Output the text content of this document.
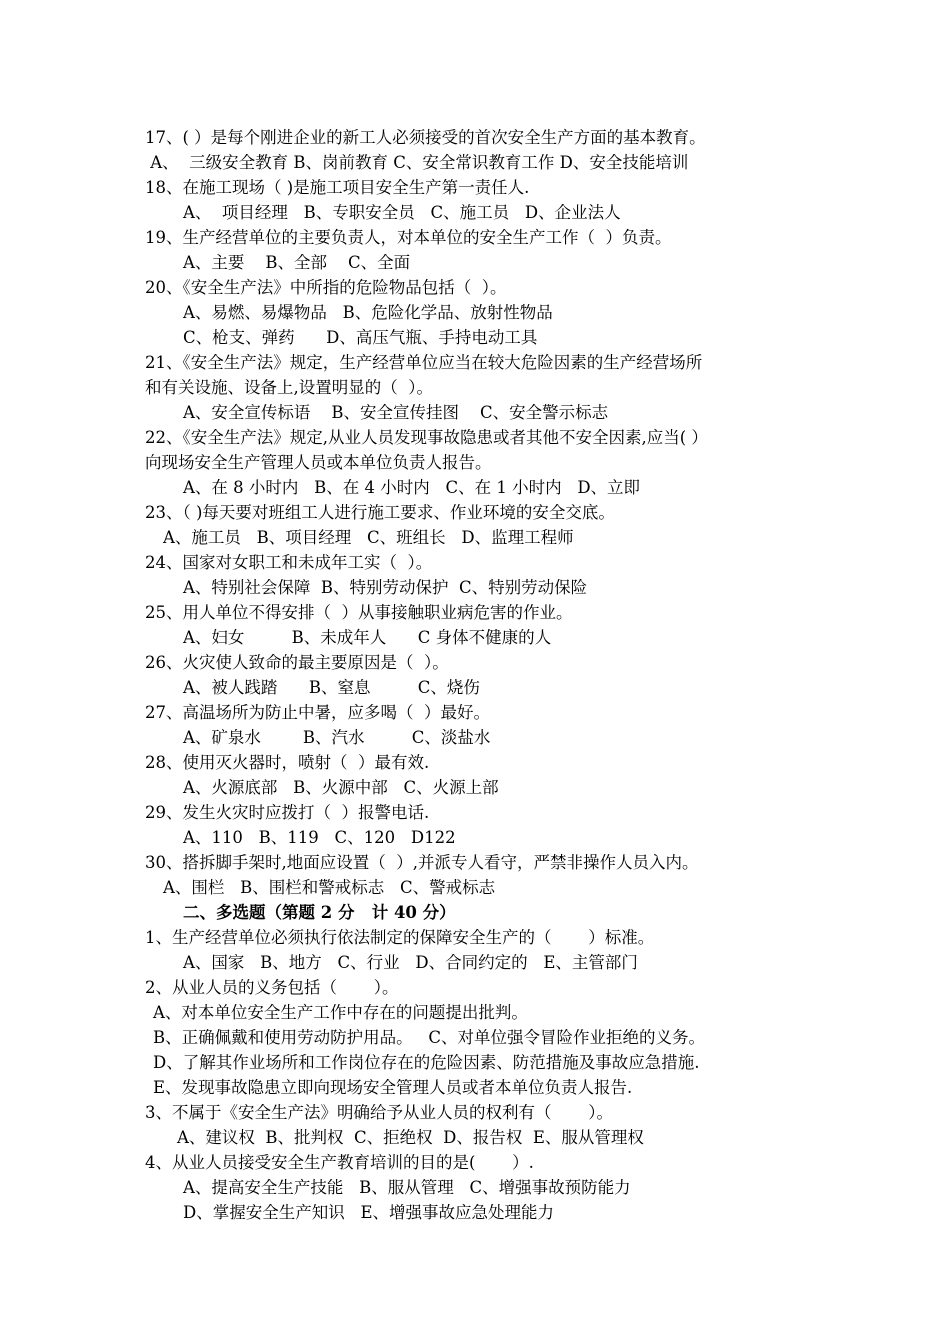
17、( ）是每个刚进企业的新工人必须接受的首次安全生产方面的基本教育。
A、  三级安全教育 B、岗前教育 C、安全常识教育工作 D、安全技能培训
18、在施工现场（ )是施工项目安全生产第一责任人.
A、  项目经理   B、专职安全员   C、施工员   D、企业法人
19、生产经营单位的主要负责人，对本单位的安全生产工作（  ）负责。
A、主要    B、全部    C、全面
20、《安全生产法》中所指的危险物品包括（  ）。
A、易燃、易爆物品   B、危险化学品、放射性物品
C、枪支、弹药      D、高压气瓶、手持电动工具
21、《安全生产法》规定，生产经营单位应当在较大危险因素的生产经营场所
和有关设施、设备上,设置明显的（  ）。
A、安全宣传标语    B、安全宣传挂图    C、安全警示标志
22、《安全生产法》规定,从业人员发现事故隐患或者其他不安全因素,应当( ）
向现场安全生产管理人员或本单位负责人报告。
A、在 8 小时内   B、在 4 小时内   C、在 1 小时内   D、立即
23、（ )每天要对班组工人进行施工要求、作业环境的安全交底。
A、施工员   B、项目经理   C、班组长   D、监理工程师
24、国家对女职工和未成年工实（  ）。
A、特别社会保障  B、特别劳动保护  C、特别劳动保险
25、用人单位不得安排（  ）从事接触职业病危害的作业。
A、妇女         B、未成年人      C 身体不健康的人
26、火灾使人致命的最主要原因是（  ）。
A、被人践踏      B、窒息         C、烧伤
27、高温场所为防止中暑，应多喝（  ）最好。
A、矿泉水        B、汽水         C、淡盐水
28、使用灭火器时，喷射（  ）最有效.
A、火源底部   B、火源中部   C、火源上部
29、发生火灾时应拨打（  ）报警电话.
A、110   B、119   C、120   D122
30、搭拆脚手架时,地面应设置（  ）,并派专人看守，严禁非操作人员入内。
A、围栏   B、围栏和警戒标志   C、警戒标志
二、多选题（第题 2 分   计 40 分）
1、生产经营单位必须执行依法制定的保障安全生产的（       ）标准。
A、国家   B、地方   C、行业   D、合同约定的   E、主管部门
2、从业人员的义务包括（       ）。
A、对本单位安全生产工作中存在的问题提出批判。
B、正确佩戴和使用劳动防护用品。   C、对单位强令冒险作业拒绝的义务。
D、了解其作业场所和工作岗位存在的危险因素、防范措施及事故应急措施.
E、发现事故隐患立即向现场安全管理人员或者本单位负责人报告.
3、不属于《安全生产法》明确给予从业人员的权利有（       ）。
A、建议权  B、批判权  C、拒绝权  D、报告权  E、服从管理权
4、从业人员接受安全生产教育培训的目的是(       ）.
A、提高安全生产技能   B、服从管理   C、增强事故预防能力
D、掌握安全生产知识   E、增强事故应急处理能力
